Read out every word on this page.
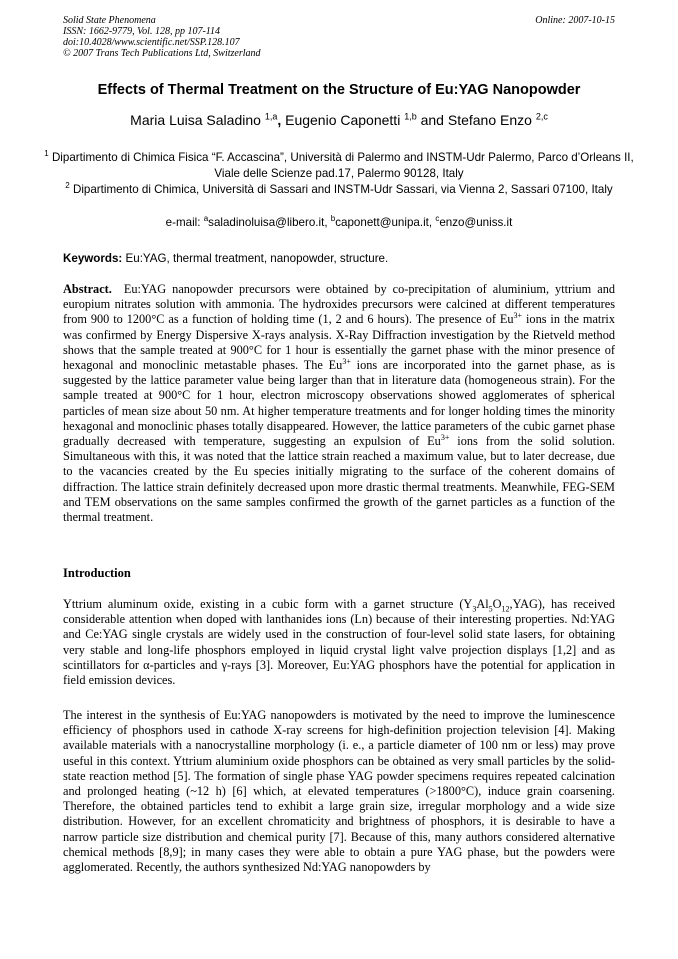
Solid State Phenomena
ISSN: 1662-9779, Vol. 128, pp 107-114
doi:10.4028/www.scientific.net/SSP.128.107
© 2007 Trans Tech Publications Ltd, Switzerland
Online: 2007-10-15
Effects of Thermal Treatment on the Structure of Eu:YAG Nanopowder
Maria Luisa Saladino $^{1,a}$, Eugenio Caponetti $^{1,b}$ and Stefano Enzo $^{2,c}$
$^1$ Dipartimento di Chimica Fisica “F. Accascina”, Università di Palermo and INSTM-Udr Palermo, Parco d’Orleans II, Viale delle Scienze pad.17, Palermo 90128, Italy
$^2$ Dipartimento di Chimica, Università di Sassari and INSTM-Udr Sassari, via Vienna 2, Sassari 07100, Italy
e-mail: $^a$saladinoluisa@libero.it, $^b$caponett@unipa.it, $^c$enzo@uniss.it
Keywords: Eu:YAG, thermal treatment, nanopowder, structure.
Abstract. Eu:YAG nanopowder precursors were obtained by co-precipitation of aluminium, yttrium and europium nitrates solution with ammonia. The hydroxides precursors were calcined at different temperatures from 900 to 1200°C as a function of holding time (1, 2 and 6 hours). The presence of $Eu^{3+}$ ions in the matrix was confirmed by Energy Dispersive X-rays analysis. X-Ray Diffraction investigation by the Rietveld method shows that the sample treated at 900°C for 1 hour is essentially the garnet phase with the minor presence of hexagonal and monoclinic metastable phases. The $Eu^{3+}$ ions are incorporated into the garnet phase, as is suggested by the lattice parameter value being larger than that in literature data (homogeneous strain). For the sample treated at 900°C for 1 hour, electron microscopy observations showed agglomerates of spherical particles of mean size about 50 nm. At higher temperature treatments and for longer holding times the minority hexagonal and monoclinic phases totally disappeared. However, the lattice parameters of the cubic garnet phase gradually decreased with temperature, suggesting an expulsion of $Eu^{3+}$ ions from the solid solution. Simultaneous with this, it was noted that the lattice strain reached a maximum value, but to later decrease, due to the vacancies created by the Eu species initially migrating to the surface of the coherent domains of diffraction. The lattice strain definitely decreased upon more drastic thermal treatments. Meanwhile, FEG-SEM and TEM observations on the same samples confirmed the growth of the garnet particles as a function of the thermal treatment.
Introduction
Yttrium aluminum oxide, existing in a cubic form with a garnet structure $(Y_3Al_5O_{12},YAG)$, has received considerable attention when doped with lanthanides ions (Ln) because of their interesting properties. Nd:YAG and Ce:YAG single crystals are widely used in the construction of four-level solid state lasers, for obtaining very stable and long-life phosphors employed in liquid crystal light valve projection displays [1,2] and as scintillators for α-particles and γ-rays [3]. Moreover, Eu:YAG phosphors have the potential for application in field emission devices.
The interest in the synthesis of Eu:YAG nanopowders is motivated by the need to improve the luminescence efficiency of phosphors used in cathode X-ray screens for high-definition projection television [4]. Making available materials with a nanocrystalline morphology (i. e., a particle diameter of 100 nm or less) may prove useful in this context. Yttrium aluminium oxide phosphors can be obtained as very small particles by the solid-state reaction method [5]. The formation of single phase YAG powder specimens requires repeated calcination and prolonged heating (~12 h) [6] which, at elevated temperatures (>1800°C), induce grain coarsening. Therefore, the obtained particles tend to exhibit a large grain size, irregular morphology and a wide size distribution. However, for an excellent chromaticity and brightness of phosphors, it is desirable to have a narrow particle size distribution and chemical purity [7]. Because of this, many authors considered alternative chemical methods [8,9]; in many cases they were able to obtain a pure YAG phase, but the powders were agglomerated. Recently, the authors synthesized Nd:YAG nanopowders by
